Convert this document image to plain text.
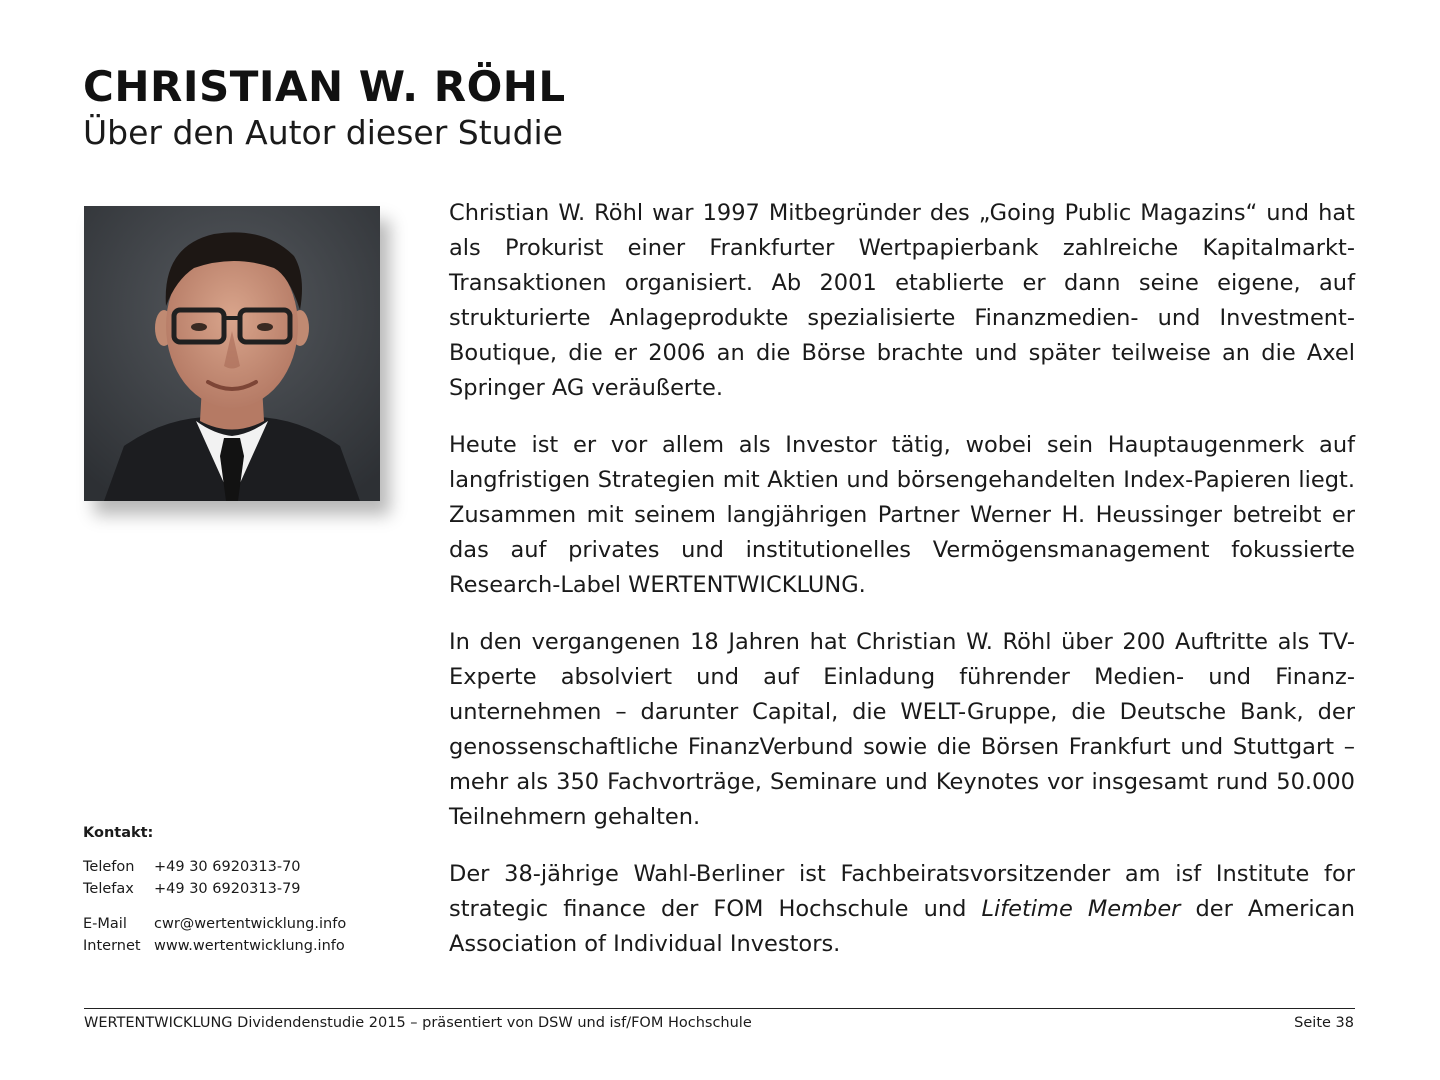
CHRISTIAN W. RÖHL
Über den Autor dieser Studie

Christian W. Röhl war 1997 Mitbegründer des „Going Public Magazins“ und hat als Prokurist einer Frankfurter Wertpapierbank zahlreiche Kapitalmarkt-Transaktionen organisiert. Ab 2001 etablierte er dann seine eigene, auf strukturierte Anlageprodukte spezialisierte Finanzmedien- und Investment-Boutique, die er 2006 an die Börse brachte und später teilweise an die Axel Springer AG veräußerte.

Heute ist er vor allem als Investor tätig, wobei sein Hauptaugenmerk auf langfristigen Strategien mit Aktien und börsengehandelten Index-Papieren liegt. Zusammen mit seinem langjährigen Partner Werner H. Heussinger betreibt er das auf privates und institutionelles Vermögensmanagement fokussierte Research-Label WERTENTWICKLUNG.

In den vergangenen 18 Jahren hat Christian W. Röhl über 200 Auftritte als TV-Experte absolviert und auf Einladung führender Medien- und Finanzunternehmen – darunter Capital, die WELT-Gruppe, die Deutsche Bank, der genossenschaftliche FinanzVerbund sowie die Börsen Frankfurt und Stuttgart – mehr als 350 Fachvorträge, Seminare und Keynotes vor insgesamt rund 50.000 Teilnehmern gehalten.

Der 38-jährige Wahl-Berliner ist Fachbeiratsvorsitzender am isf Institute for strategic finance der FOM Hochschule und Lifetime Member der American Association of Individual Investors.

Kontakt:
Telefon	+49 30 6920313-70
Telefax	+49 30 6920313-79
E-Mail	cwr@wertentwicklung.info
Internet www.wertentwicklung.info
WERTENTWICKLUNG Dividendenstudie 2015 – präsentiert von DSW und isf/FOM Hochschule	Seite 38
